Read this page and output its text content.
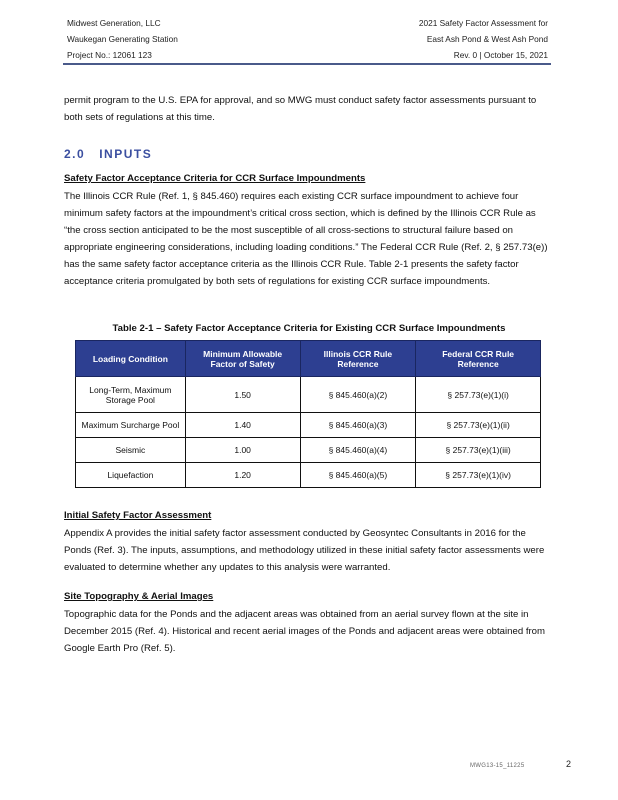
Midwest Generation, LLC
Waukegan Generating Station
Project No.: 12061 123
2021 Safety Factor Assessment for
East Ash Pond & West Ash Pond
Rev. 0 | October 15, 2021
permit program to the U.S. EPA for approval, and so MWG must conduct safety factor assessments pursuant to both sets of regulations at this time.
2.0 INPUTS
Safety Factor Acceptance Criteria for CCR Surface Impoundments
The Illinois CCR Rule (Ref. 1, § 845.460) requires each existing CCR surface impoundment to achieve four minimum safety factors at the impoundment’s critical cross section, which is defined by the Illinois CCR Rule as “the cross section anticipated to be the most susceptible of all cross-sections to structural failure based on appropriate engineering considerations, including loading conditions.” The Federal CCR Rule (Ref. 2, § 257.73(e)) has the same safety factor acceptance criteria as the Illinois CCR Rule. Table 2-1 presents the safety factor acceptance criteria promulgated by both sets of regulations for existing CCR surface impoundments.
Table 2-1 – Safety Factor Acceptance Criteria for Existing CCR Surface Impoundments
Loading Condition	Minimum Allowable Factor of Safety	Illinois CCR Rule Reference	Federal CCR Rule Reference
Long-Term, Maximum Storage Pool	1.50	§ 845.460(a)(2)	§ 257.73(e)(1)(i)
Maximum Surcharge Pool	1.40	§ 845.460(a)(3)	§ 257.73(e)(1)(ii)
Seismic	1.00	§ 845.460(a)(4)	§ 257.73(e)(1)(iii)
Liquefaction	1.20	§ 845.460(a)(5)	§ 257.73(e)(1)(iv)
Initial Safety Factor Assessment
Appendix A provides the initial safety factor assessment conducted by Geosyntec Consultants in 2016 for the Ponds (Ref. 3). The inputs, assumptions, and methodology utilized in these initial safety factor assessments were evaluated to determine whether any updates to this analysis were warranted.
Site Topography & Aerial Images
Topographic data for the Ponds and the adjacent areas was obtained from an aerial survey flown at the site in December 2015 (Ref. 4). Historical and recent aerial images of the Ponds and adjacent areas were obtained from Google Earth Pro (Ref. 5).
MWG13-15_11225	2
